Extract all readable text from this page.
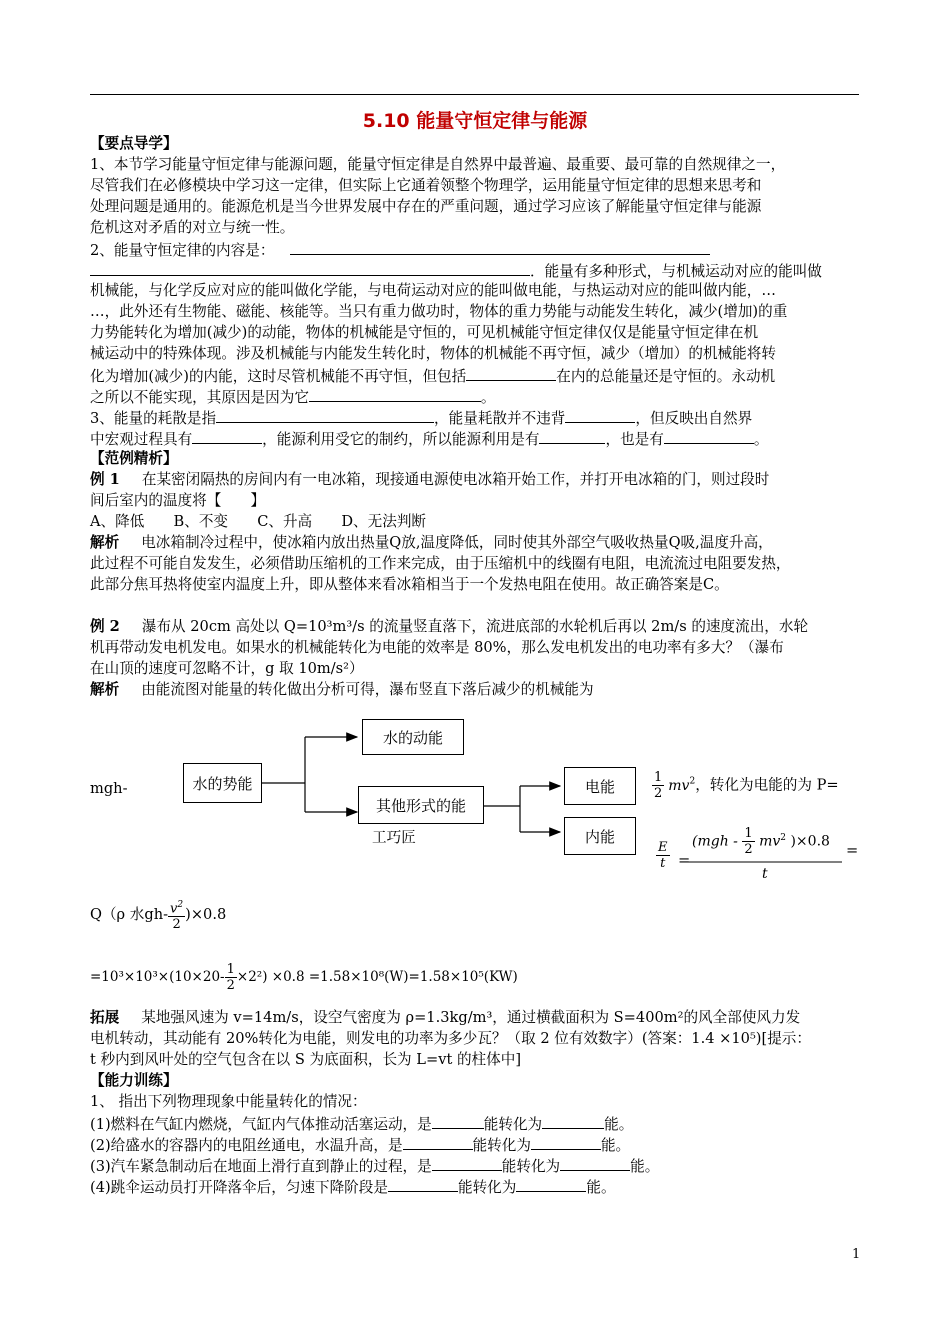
5.10 能量守恒定律与能源
【要点导学】
1、本节学习能量守恒定律与能源问题，能量守恒定律是自然界中最普遍、最重要、最可靠的自然规律之一，
尽管我们在必修模块中学习这一定律，但实际上它通着领整个物理学，运用能量守恒定律的思想来思考和
处理问题是通用的。能源危机是当今世界发展中存在的严重问题，通过学习应该了解能量守恒定律与能源
危机这对矛盾的对立与统一性。
2、能量守恒定律的内容是：
．能量有多种形式，与机械运动对应的能叫做
机械能，与化学反应对应的能叫做化学能，与电荷运动对应的能叫做电能，与热运动对应的能叫做内能，…
…，此外还有生物能、磁能、核能等。当只有重力做功时，物体的重力势能与动能发生转化，减少(增加)的重
力势能转化为增加(减少)的动能，物体的机械能是守恒的，可见机械能守恒定律仅仅是能量守恒定律在机
械运动中的特殊体现。涉及机械能与内能发生转化时，物体的机械能不再守恒，减少（增加）的机械能将转
化为增加(减少)的内能，这时尽管机械能不再守恒，但包括	在内的总能量还是守恒的。永动机
之所以不能实现，其原因是因为它	。
3、能量的耗散是指	，能量耗散并不违背	，但反映出自然界
中宏观过程具有	，能源利用受它的制约，所以能源利用是有	，也是有	。
【范例精析】
例 1 在某密闭隔热的房间内有一电冰箱，现接通电源使电冰箱开始工作，并打开电冰箱的门，则过段时
间后室内的温度将【　　】
A、降低　　B、不变　　C、升高　　D、无法判断
解析 电冰箱制冷过程中，使冰箱内放出热量Q放,温度降低，同时使其外部空气吸收热量Q吸,温度升高，
此过程不可能自发发生，必须借助压缩机的工作来完成，由于压缩机中的线圈有电阻，电流流过电阻要发热，
此部分焦耳热将使室内温度上升，即从整体来看冰箱相当于一个发热电阻在使用。故正确答案是C。
例 2 瀑布从 20cm 高处以 Q=10³m³/s 的流量竖直落下，流进底部的水轮机后再以 2m/s 的速度流出，水轮
机再带动发电机发电。如果水的机械能转化为电能的效率是 80%，那么发电机发出的电功率有多大？（瀑布
在山顶的速度可忽略不计，g 取 10m/s²）
解析 由能流图对能量的转化做出分析可得，瀑布竖直下落后减少的机械能为
水的势能
水的动能
其他形式的能
电能
内能
工巧匠
mgh-	$\frac{1}{2} mv^2$，转化为电能的为 P=
$\frac{E}{t}$ =
($mgh - \frac{1}{2} mv^2$ )×0.8
t
=
Q（ρ 水$gh- \frac{v^2}{2} )\times 0.8$
$=10^3\times 10^3\times(10\times 20- \frac{1}{2} \times 2^2) \times 0.8 =1.58\times 10^8(W)=1.58\times 10^5(KW)$
拓展 某地强风速为 v=14m/s，设空气密度为 ρ=1.3kg/m³，通过横截面积为 S=400m²的风全部使风力发
电机转动，其动能有 20%转化为电能，则发电的功率为多少瓦？（取 2 位有效数字）(答案：1.4 ×10⁵)[提示：
t 秒内到风叶处的空气包含在以 S 为底面积，长为 L=vt 的柱体中]
【能力训练】
1、 指出下列物理现象中能量转化的情况：
(1)燃料在气缸内燃烧，气缸内气体推动活塞运动，是	能转化为	能。
(2)给盛水的容器内的电阻丝通电，水温升高，是	能转化为	能。
(3)汽车紧急制动后在地面上滑行直到静止的过程，是	能转化为	能。
(4)跳伞运动员打开降落伞后，匀速下降阶段是	能转化为	能。
1
